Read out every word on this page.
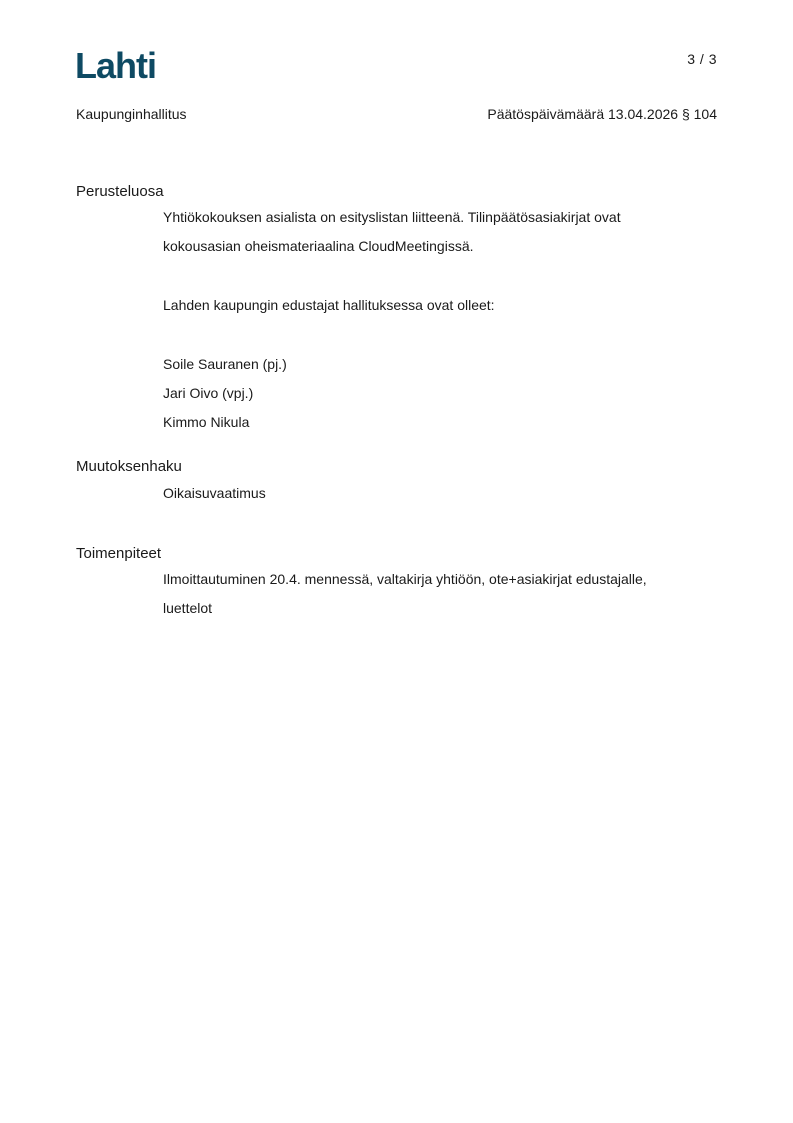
Lahti	3 / 3
Kaupunginhallitus	Päätöspäivämäärä 13.04.2026 § 104
Perusteluosa
Yhtiökokouksen asialista on esityslistan liitteenä. Tilinpäätösasiakirjat ovat
kokousasian oheismateriaalina CloudMeetingissä.
Lahden kaupungin edustajat hallituksessa ovat olleet:
Soile Sauranen (pj.)
Jari Oivo (vpj.)
Kimmo Nikula
Muutoksenhaku
Oikaisuvaatimus
Toimenpiteet
Ilmoittautuminen 20.4. mennessä, valtakirja yhtiöön, ote+asiakirjat edustajalle,
luettelot
